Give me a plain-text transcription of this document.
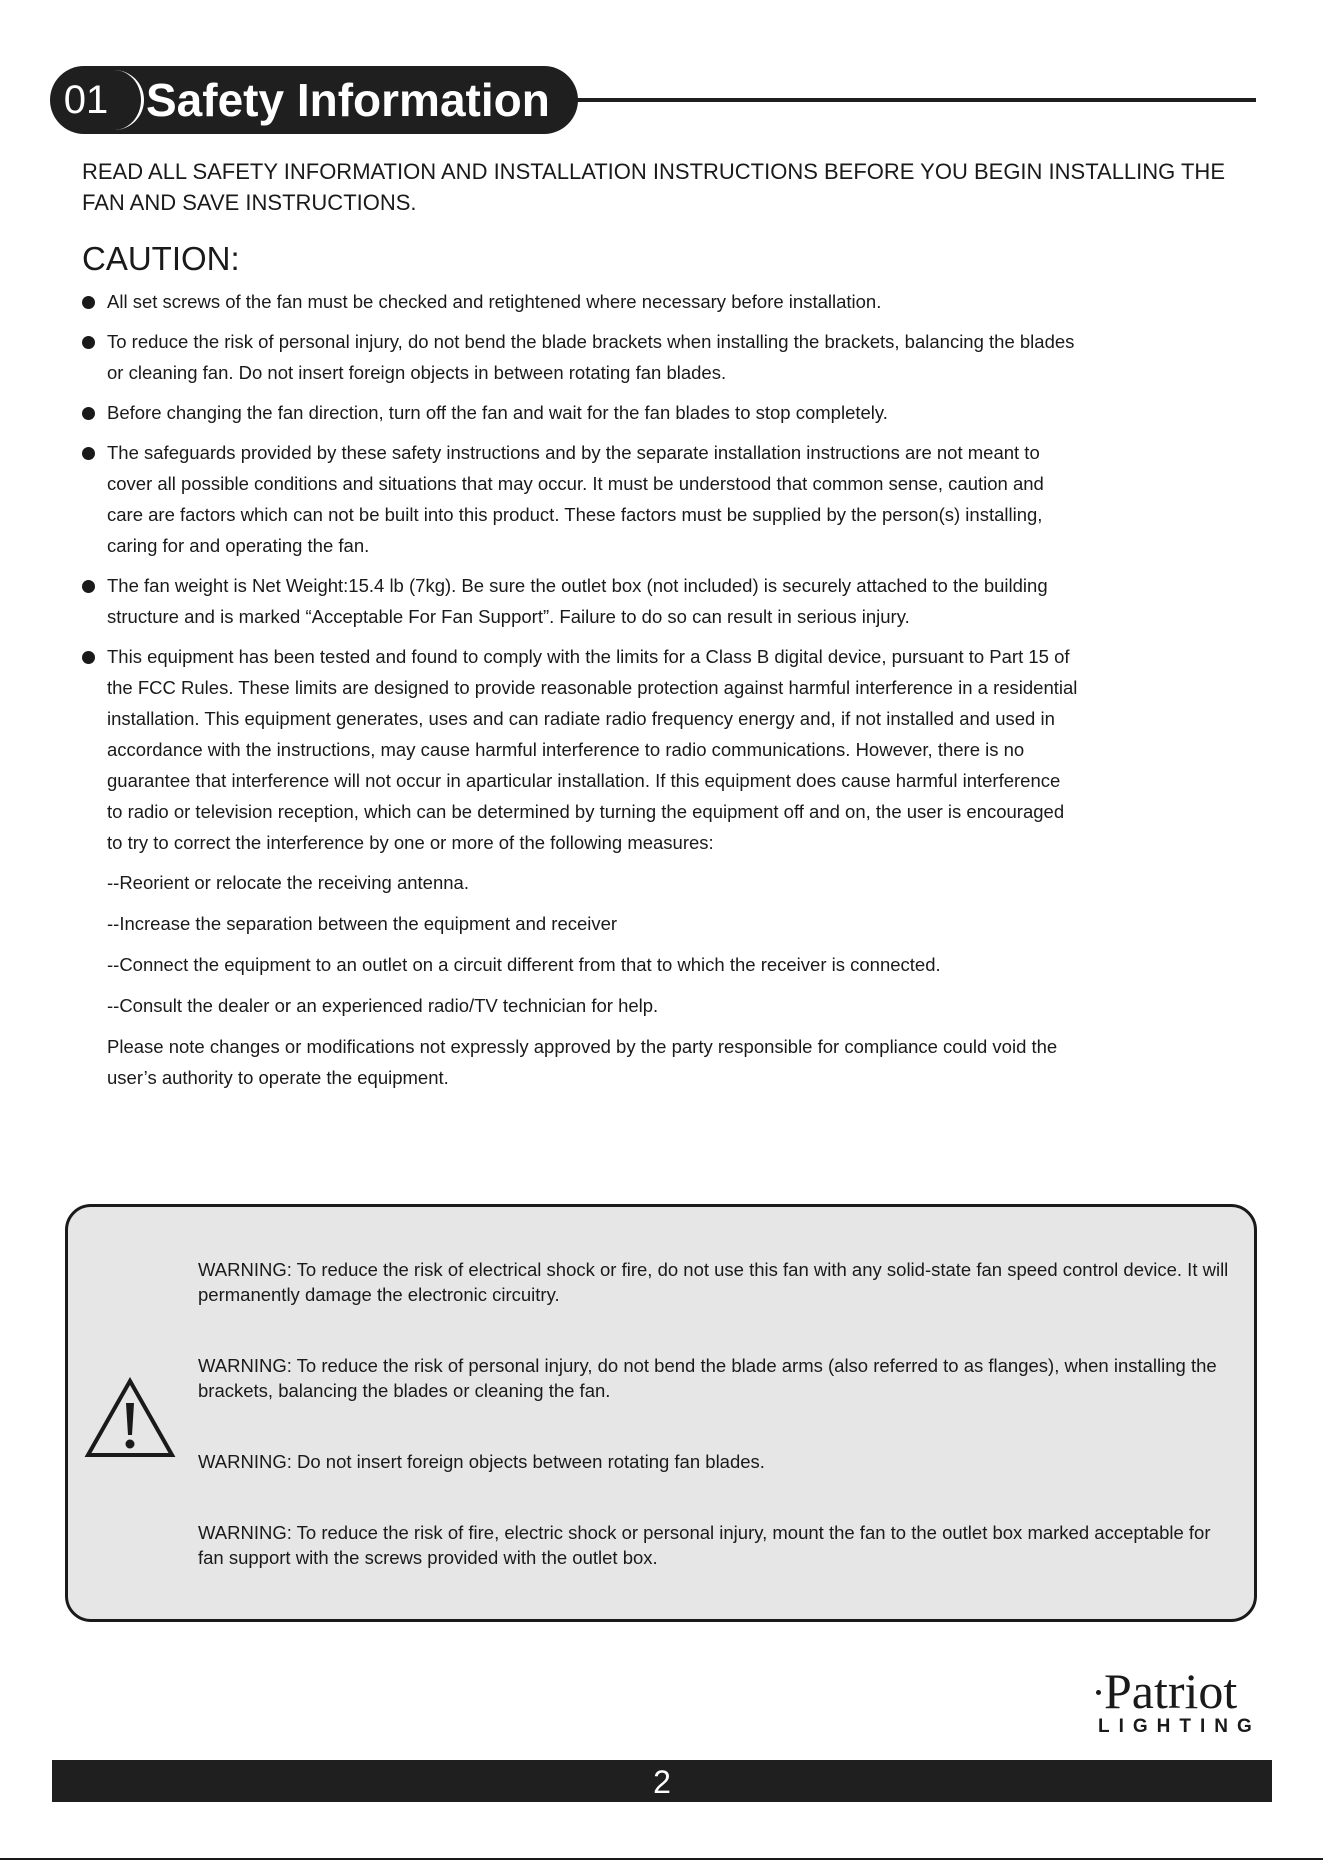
01 Safety Information

READ ALL SAFETY INFORMATION AND INSTALLATION INSTRUCTIONS BEFORE YOU BEGIN INSTALLING THE FAN AND SAVE INSTRUCTIONS.

CAUTION:
All set screws of the fan must be checked and retightened where necessary before installation.
To reduce the risk of personal injury, do not bend the blade brackets when installing the brackets, balancing the blades or cleaning fan. Do not insert foreign objects in between rotating fan blades.
Before changing the fan direction, turn off the fan and wait for the fan blades to stop completely.
The safeguards provided by these safety instructions and by the separate installation instructions are not meant to cover all possible conditions and situations that may occur. It must be understood that common sense, caution and care are factors which can not be built into this product. These factors must be supplied by the person(s) installing, caring for and operating the fan.
The fan weight is Net Weight:15.4 lb (7kg). Be sure the outlet box (not included) is securely attached to the building structure and is marked “Acceptable For Fan Support”. Failure to do so can result in serious injury.
This equipment has been tested and found to comply with the limits for a Class B digital device, pursuant to Part 15 of the FCC Rules. These limits are designed to provide reasonable protection against harmful interference in a residential installation. This equipment generates, uses and can radiate radio frequency energy and, if not installed and used in accordance with the instructions, may cause harmful interference to radio communications. However, there is no guarantee that interference will not occur in aparticular installation. If this equipment does cause harmful interference to radio or television reception, which can be determined by turning the equipment off and on, the user is encouraged to try to correct the interference by one or more of the following measures:
--Reorient or relocate the receiving antenna.
--Increase the separation between the equipment and receiver
--Connect the equipment to an outlet on a circuit different from that to which the receiver is connected.
--Consult the dealer or an experienced radio/TV technician for help.

Please note changes or modifications not expressly approved by the party responsible for compliance could void the user’s authority to operate the equipment.

WARNING: To reduce the risk of electrical shock or fire, do not use this fan with any solid-state fan speed control device. It will permanently damage the electronic circuitry.
WARNING: To reduce the risk of personal injury, do not bend the blade arms (also referred to as flanges), when installing the brackets, balancing the blades or cleaning the fan.
WARNING: Do not insert foreign objects between rotating fan blades.
WARNING: To reduce the risk of fire, electric shock or personal injury, mount the fan to the outlet box marked acceptable for fan support with the screws provided with the outlet box.
Patriot
LIGHTING
2
